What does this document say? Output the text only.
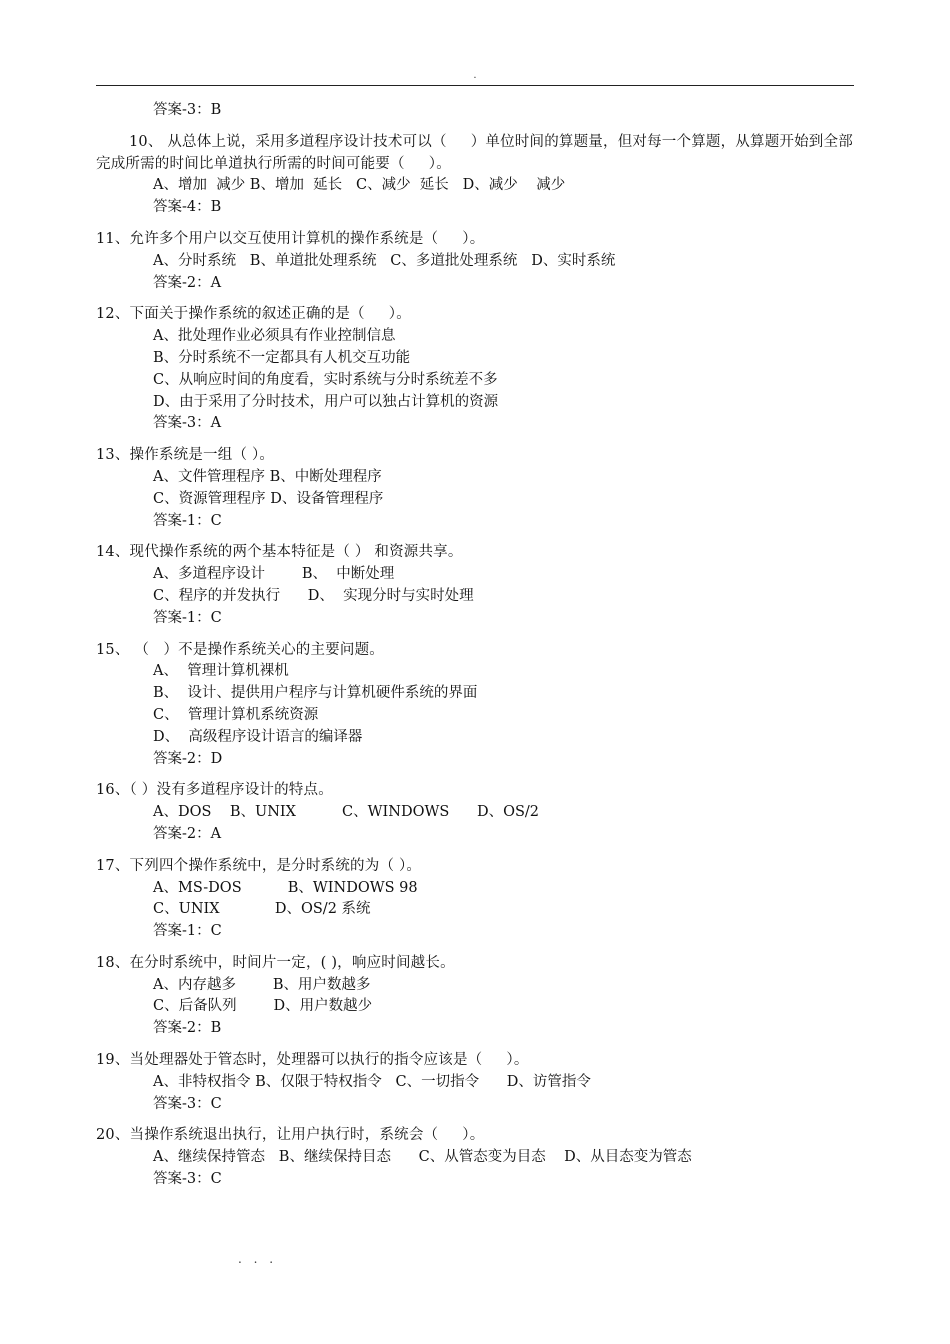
.
答案-3：B
10、 从总体上说，采用多道程序设计技术可以（     ）单位时间的算题量，但对每一个算题，从算题开始到全部完成所需的时间比单道执行所需的时间可能要（     ）。
A、增加  减少 B、增加  延长   C、减少  延长   D、减少    减少
答案-4：B
11、允许多个用户以交互使用计算机的操作系统是（     ）。
A、分时系统   B、单道批处理系统   C、多道批处理系统   D、实时系统
答案-2：A
12、下面关于操作系统的叙述正确的是（     ）。
A、批处理作业必须具有作业控制信息
B、分时系统不一定都具有人机交互功能
C、从响应时间的角度看，实时系统与分时系统差不多
D、由于采用了分时技术，用户可以独占计算机的资源
答案-3：A
13、操作系统是一组（ ）。
A、文件管理程序 B、中断处理程序
C、资源管理程序 D、设备管理程序
答案-1：C
14、现代操作系统的两个基本特征是（ ） 和资源共享。
A、多道程序设计        B、  中断处理
C、程序的并发执行      D、  实现分时与实时处理
答案-1：C
15、 （   ）不是操作系统关心的主要问题。
A、  管理计算机裸机
B、  设计、提供用户程序与计算机硬件系统的界面
C、  管理计算机系统资源
D、  高级程序设计语言的编译器
答案-2：D
16、（ ）没有多道程序设计的特点。
A、DOS    B、UNIX          C、WINDOWS      D、OS/2
答案-2：A
17、下列四个操作系统中，是分时系统的为（ ）。
A、MS-DOS          B、WINDOWS 98
C、UNIX            D、OS/2 系统
答案-1：C
18、在分时系统中，时间片一定，( )，响应时间越长。
A、内存越多        B、用户数越多
C、后备队列        D、用户数越少
答案-2：B
19、当处理器处于管态时，处理器可以执行的指令应该是（     ）。
A、非特权指令 B、仅限于特权指令   C、一切指令      D、访管指令
答案-3：C
20、当操作系统退出执行，让用户执行时，系统会（     ）。
A、继续保持管态   B、继续保持目态      C、从管态变为目态    D、从目态变为管态
答案-3：C
. . .
